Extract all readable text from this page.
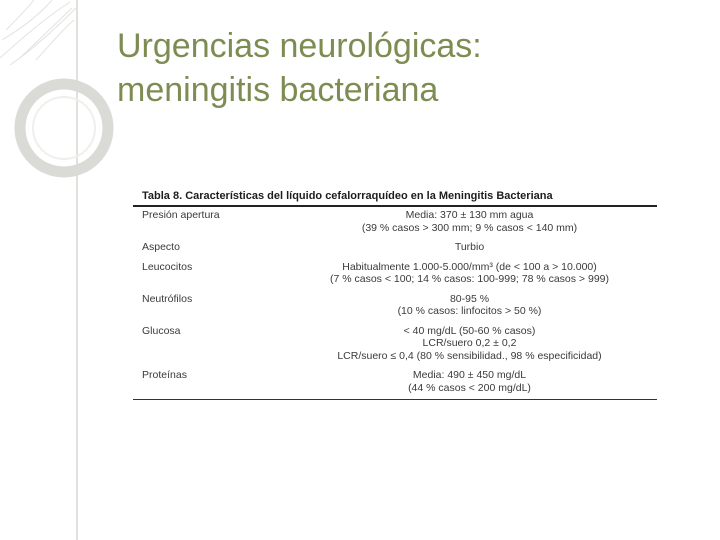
Urgencias neurológicas:
meningitis bacteriana
Tabla 8. Características del líquido cefalorraquídeo en la Meningitis Bacteriana
Presión apertura	Media: 370 ± 130 mm agua
(39 % casos > 300 mm; 9 % casos < 140 mm)

Aspecto	Turbio

Leucocitos	Habitualmente 1.000-5.000/mm³ (de < 100 a > 10.000)
(7 % casos < 100; 14 % casos: 100-999; 78 % casos > 999)

Neutrófilos	80-95 %
(10 % casos: linfocitos > 50 %)

Glucosa	< 40 mg/dL (50-60 % casos)
LCR/suero 0,2 ± 0,2
LCR/suero ≤ 0,4 (80 % sensibilidad., 98 % especificidad)

Proteínas	Media: 490 ± 450 mg/dL
(44 % casos < 200 mg/dL)
